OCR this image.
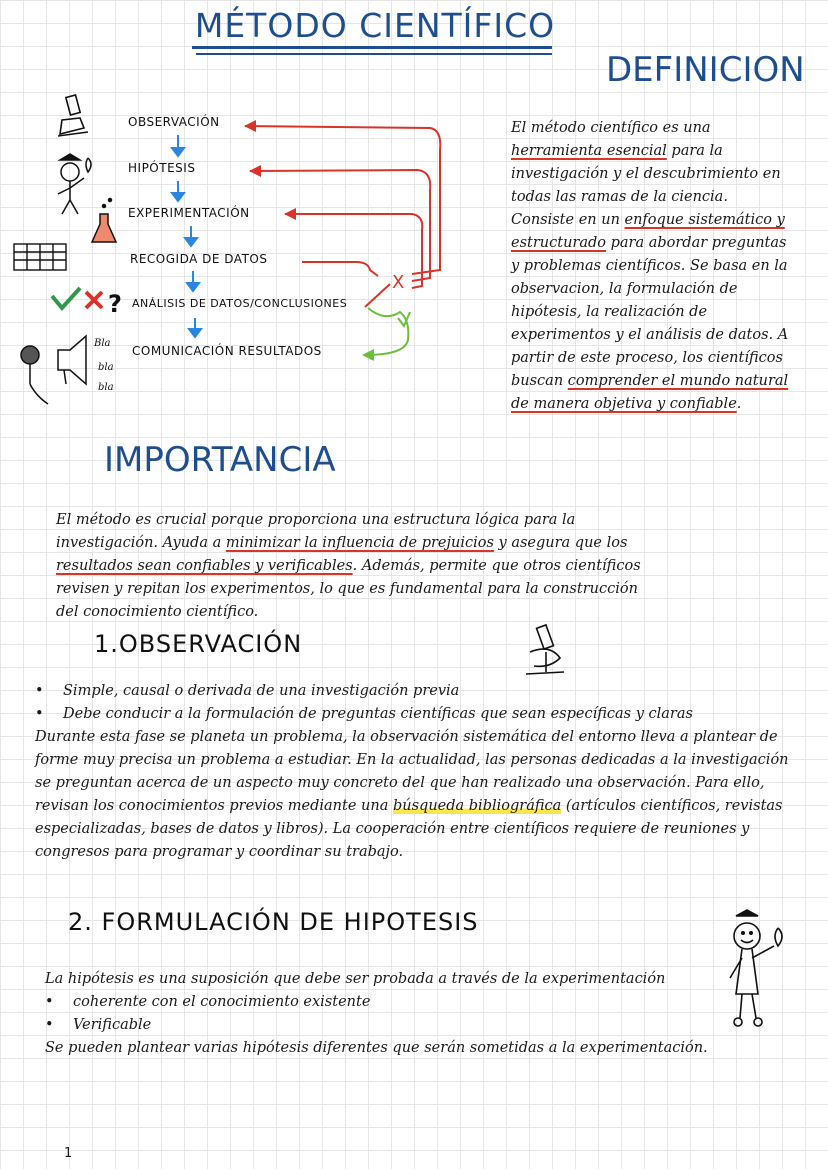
MÉTODO CIENTÍFICO
DEFINICION
OBSERVACIÓN
HIPÓTESIS
EXPERIMENTACIÓN
RECOGIDA DE DATOS
ANÁLISIS DE DATOS/CONCLUSIONES
COMUNICACIÓN RESULTADOS
X
?
Bla
bla
bla
El método científico es una herramienta esencial para la investigación y el descubrimiento en todas las ramas de la ciencia. Consiste en un enfoque sistemático y estructurado para abordar preguntas y problemas científicos. Se basa en la observacion, la formulación de hipótesis, la realización de experimentos y el análisis de datos. A partir de este proceso, los científicos buscan comprender el mundo natural de manera objetiva y confiable.
IMPORTANCIA
El método es crucial porque proporciona una estructura lógica para la investigación. Ayuda a minimizar la influencia de prejuicios y asegura que los resultados sean confiables y verificables. Además, permite que otros científicos revisen y repitan los experimentos, lo que es fundamental para la construcción del conocimiento científico.
1.OBSERVACIÓN
• Simple, causal o derivada de una investigación previa
• Debe conducir a la formulación de preguntas científicas que sean específicas y claras
Durante esta fase se planeta un problema, la observación sistemática del entorno lleva a plantear de forme muy precisa un problema a estudiar. En la actualidad, las personas dedicadas a la investigación se preguntan acerca de un aspecto muy concreto del que han realizado una observación. Para ello, revisan los conocimientos previos mediante una búsqueda bibliográfica (artículos científicos, revistas especializadas, bases de datos y libros). La cooperación entre científicos requiere de reuniones y congresos para programar y coordinar su trabajo.
2. FORMULACIÓN DE HIPOTESIS
La hipótesis es una suposición que debe ser probada a través de la experimentación
• coherente con el conocimiento existente
• Verificable
Se pueden plantear varias hipótesis diferentes que serán sometidas a la experimentación.
1
